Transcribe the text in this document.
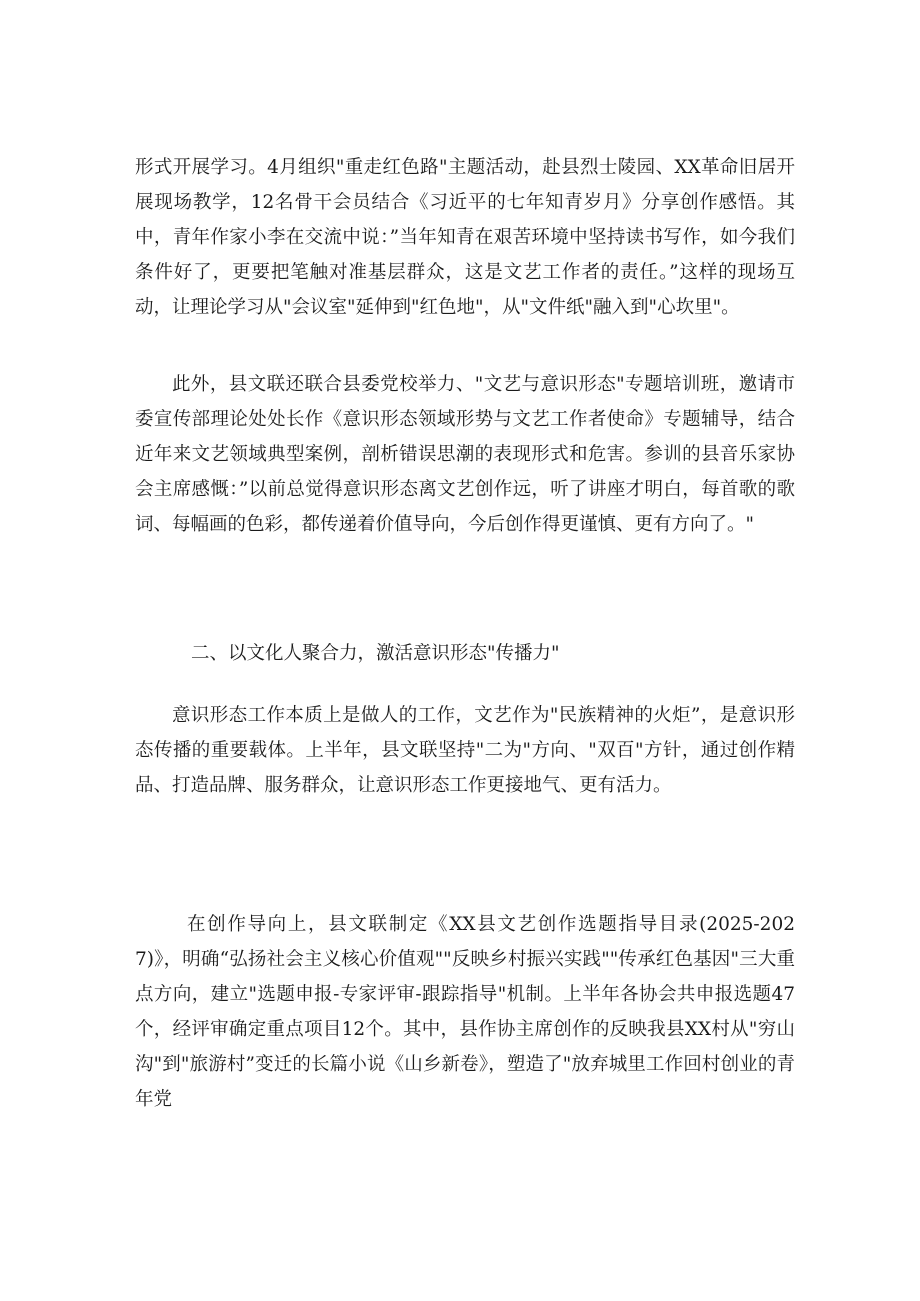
形式开展学习。4月组织"重走红色路"主题活动，赴县烈士陵园、XX革命旧居开展现场教学，12名骨干会员结合《习近平的七年知青岁月》分享创作感悟。其中，青年作家小李在交流中说：”当年知青在艰苦环境中坚持读书写作，如今我们条件好了，更要把笔触对准基层群众，这是文艺工作者的责任。”这样的现场互动，让理论学习从"会议室"延伸到"红色地"，从"文件纸"融入到"心坎里"。

此外，县文联还联合县委党校举力、"文艺与意识形态"专题培训班，邀请市委宣传部理论处处长作《意识形态领域形势与文艺工作者使命》专题辅导，结合近年来文艺领域典型案例，剖析错误思潮的表现形式和危害。参训的县音乐家协会主席感慨：”以前总觉得意识形态离文艺创作远，听了讲座才明白，每首歌的歌词、每幅画的色彩，都传递着价值导向，今后创作得更谨慎、更有方向了。"

二、以文化人聚合力，激活意识形态"传播力"

意识形态工作本质上是做人的工作，文艺作为"民族精神的火炬”，是意识形态传播的重要载体。上半年，县文联坚持"二为"方向、"双百"方针，通过创作精品、打造品牌、服务群众，让意识形态工作更接地气、更有活力。

在创作导向上，县文联制定《XX县文艺创作选题指导目录(2025-2027)》，明确“弘扬社会主义核心价值观""反映乡村振兴实践""传承红色基因"三大重点方向，建立"选题申报-专家评审-跟踪指导"机制。上半年各协会共申报选题47个，经评审确定重点项目12个。其中，县作协主席创作的反映我县XX村从"穷山沟"到"旅游村”变迁的长篇小说《山乡新卷》，塑造了"放弃城里工作回村创业的青年党
